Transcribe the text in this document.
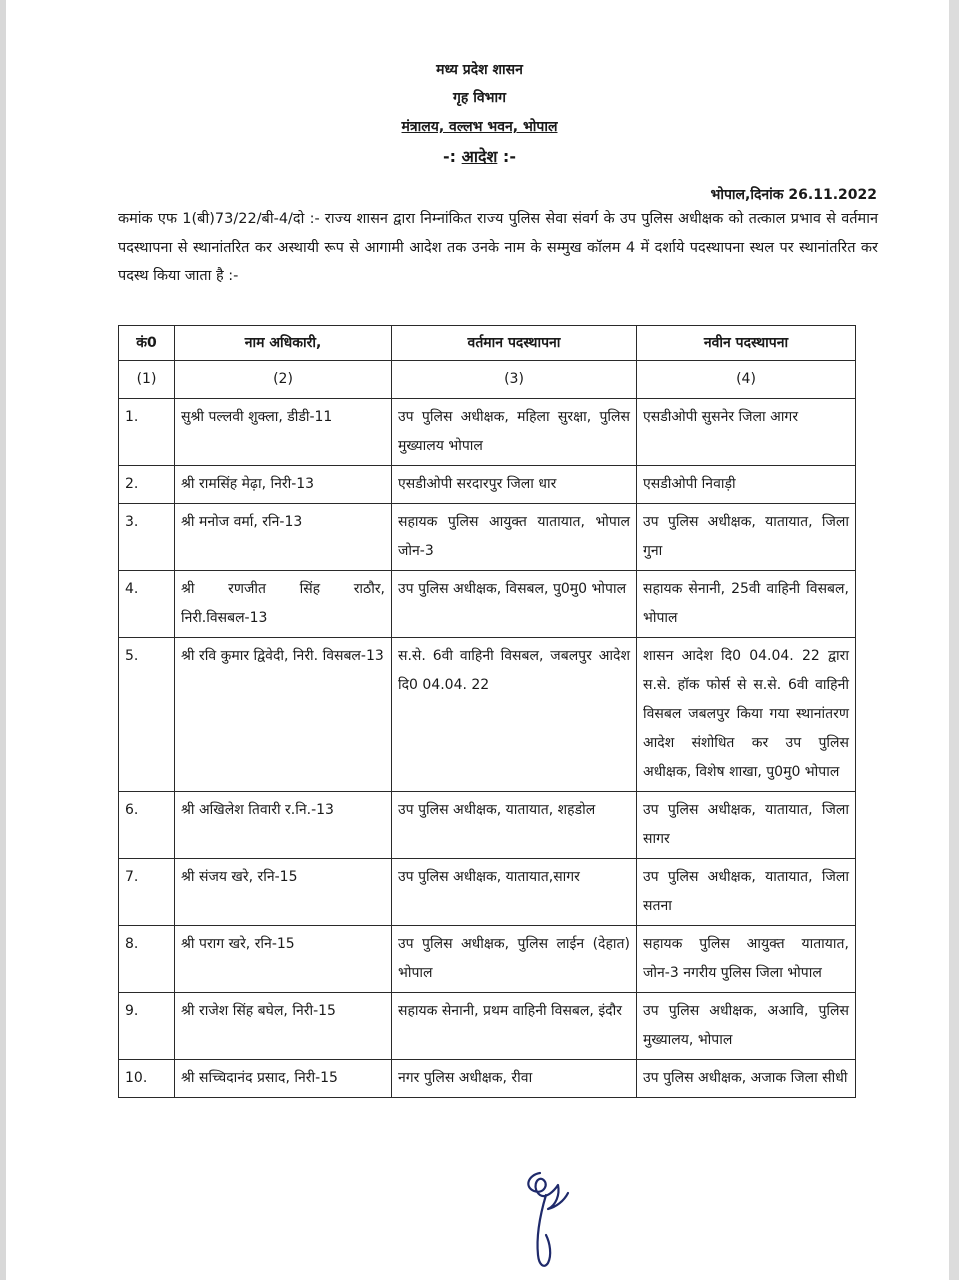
मध्य प्रदेश शासन
गृह विभाग
मंत्रालय, वल्लभ भवन, भोपाल
-: आदेश :-
भोपाल,दिनांक 26.11.2022
कमांक एफ 1(बी)73/22/बी-4/दो :- राज्य शासन द्वारा निम्नांकित राज्य पुलिस सेवा संवर्ग के उप पुलिस अधीक्षक को तत्काल प्रभाव से वर्तमान पदस्थापना से स्थानांतरित कर अस्थायी रूप से आगामी आदेश तक उनके नाम के सम्मुख कॉलम 4 में दर्शाये पदस्थापना स्थल पर स्थानांतरित कर पदस्थ किया जाता है :-
कं0	नाम अधिकारी,	वर्तमान पदस्थापना	नवीन पदस्थापना
(1)	(2)	(3)	(4)
1.	सुश्री पल्लवी शुक्ला, डीडी-11	उप पुलिस अधीक्षक, महिला सुरक्षा, पुलिस मुख्यालय भोपाल	एसडीओपी सुसनेर जिला आगर
2.	श्री रामसिंह मेढ़ा, निरी-13	एसडीओपी सरदारपुर जिला धार	एसडीओपी निवाड़ी
3.	श्री मनोज वर्मा, रनि-13	सहायक पुलिस आयुक्त यातायात, भोपाल जोन-3	उप पुलिस अधीक्षक, यातायात, जिला गुना
4.	श्री रणजीत सिंह राठौर, निरी.विसबल-13	उप पुलिस अधीक्षक, विसबल, पु0मु0 भोपाल	सहायक सेनानी, 25वी वाहिनी विसबल, भोपाल
5.	श्री रवि कुमार द्विवेदी, निरी. विसबल-13	स.से. 6वी वाहिनी विसबल, जबलपुर आदेश दि0 04.04. 22	शासन आदेश दि0 04.04. 22 द्वारा स.से. हॉक फोर्स से स.से. 6वी वाहिनी विसबल जबलपुर किया गया स्थानांतरण आदेश संशोधित कर उप पुलिस अधीक्षक, विशेष शाखा, पु0मु0 भोपाल
6.	श्री अखिलेश तिवारी र.नि.-13	उप पुलिस अधीक्षक, यातायात, शहडोल	उप पुलिस अधीक्षक, यातायात, जिला सागर
7.	श्री संजय खरे, रनि-15	उप पुलिस अधीक्षक, यातायात,सागर	उप पुलिस अधीक्षक, यातायात, जिला सतना
8.	श्री पराग खरे, रनि-15	उप पुलिस अधीक्षक, पुलिस लाईन (देहात) भोपाल	सहायक पुलिस आयुक्त यातायात, जोन-3 नगरीय पुलिस जिला भोपाल
9.	श्री राजेश सिंह बघेल, निरी-15	सहायक सेनानी, प्रथम वाहिनी विसबल, इंदौर	उप पुलिस अधीक्षक, अआवि, पुलिस मुख्यालय, भोपाल
10.	श्री सच्चिदानंद प्रसाद, निरी-15	नगर पुलिस अधीक्षक, रीवा	उप पुलिस अधीक्षक, अजाक जिला सीधी
